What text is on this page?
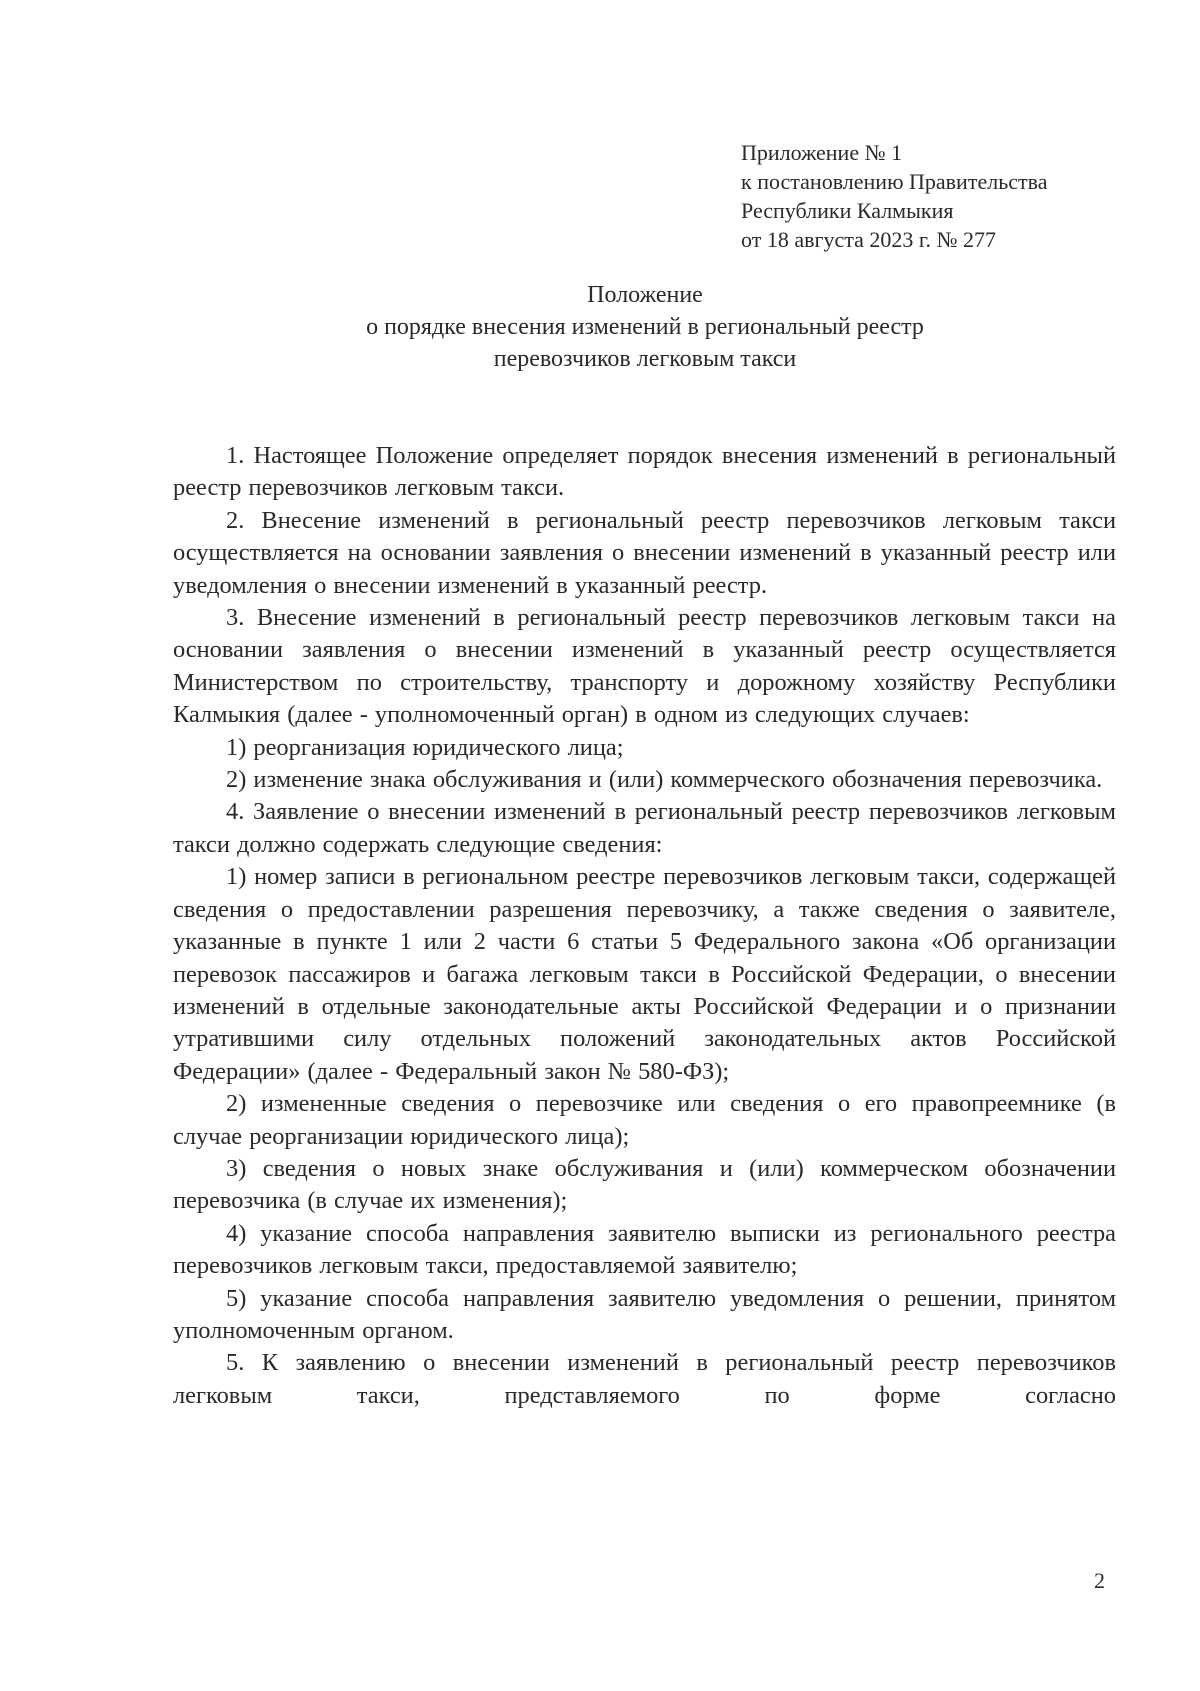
Приложение № 1
к постановлению Правительства
Республики Калмыкия
от 18 августа 2023 г. № 277
Положение
о порядке внесения изменений в региональный реестр
перевозчиков легковым такси

1. Настоящее Положение определяет порядок внесения изменений в региональный реестр перевозчиков легковым такси.

2. Внесение изменений в региональный реестр перевозчиков легковым такси осуществляется на основании заявления о внесении изменений в указанный реестр или уведомления о внесении изменений в указанный реестр.

3. Внесение изменений в региональный реестр перевозчиков легковым такси на основании заявления о внесении изменений в указанный реестр осуществляется Министерством по строительству, транспорту и дорожному хозяйству Республики Калмыкия (далее - уполномоченный орган) в одном из следующих случаев:

1) реорганизация юридического лица;

2) изменение знака обслуживания и (или) коммерческого обозначения перевозчика.

4. Заявление о внесении изменений в региональный реестр перевозчиков легковым такси должно содержать следующие сведения:

1) номер записи в региональном реестре перевозчиков легковым такси, содержащей сведения о предоставлении разрешения перевозчику, а также сведения о заявителе, указанные в пункте 1 или 2 части 6 статьи 5 Федерального закона «Об организации перевозок пассажиров и багажа легковым такси в Российской Федерации, о внесении изменений в отдельные законодательные акты Российской Федерации и о признании утратившими силу отдельных положений законодательных актов Российской Федерации» (далее - Федеральный закон № 580-ФЗ);

2) измененные сведения о перевозчике или сведения о его правопреемнике (в случае реорганизации юридического лица);

3) сведения о новых знаке обслуживания и (или) коммерческом обозначении перевозчика (в случае их изменения);

4) указание способа направления заявителю выписки из регионального реестра перевозчиков легковым такси, предоставляемой заявителю;

5) указание способа направления заявителю уведомления о решении, принятом уполномоченным органом.

5. К заявлению о внесении изменений в региональный реестр перевозчиков легковым такси, представляемого по форме согласно

2
